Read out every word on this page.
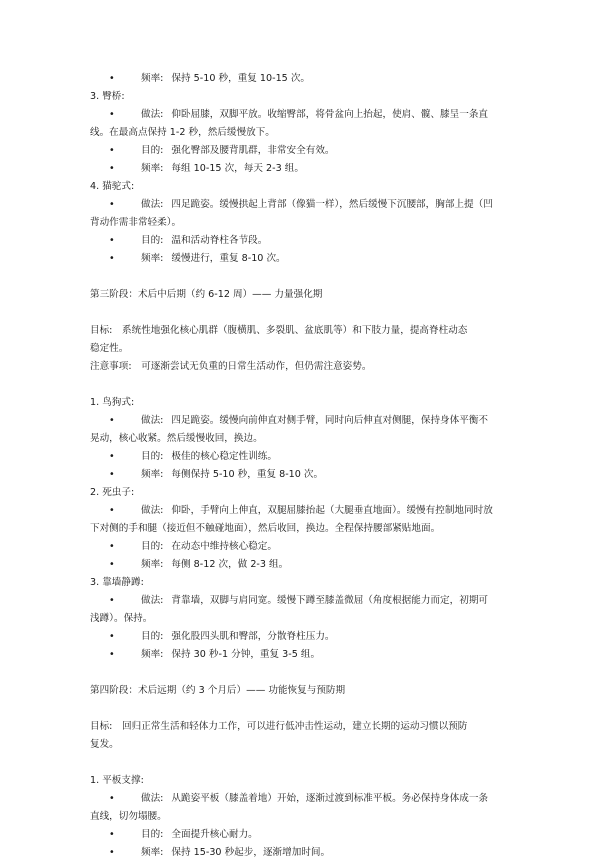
•	频率: 保持 5-10 秒，重复 10-15 次。

3. 臀桥:

•	做法: 仰卧屈膝，双脚平放。收缩臀部，将骨盆向上抬起，使肩、髋、膝呈一条直
线。在最高点保持 1-2 秒，然后缓慢放下。

•	目的: 强化臀部及腰背肌群，非常安全有效。

•	频率: 每组 10-15 次，每天 2-3 组。

4. 猫驼式:

•	做法: 四足跪姿。缓慢拱起上背部（像猫一样），然后缓慢下沉腰部，胸部上提（凹
背动作需非常轻柔）。

•	目的: 温和活动脊柱各节段。

•	频率: 缓慢进行，重复 8-10 次。

第三阶段：术后中后期（约 6-12 周）—— 力量强化期

目标:　系统性地强化核心肌群（腹横肌、多裂肌、盆底肌等）和下肢力量，提高脊柱动态
稳定性。

注意事项:　可逐渐尝试无负重的日常生活动作，但仍需注意姿势。

1. 鸟狗式:

•	做法: 四足跪姿。缓慢向前伸直对侧手臂，同时向后伸直对侧腿，保持身体平衡不
晃动，核心收紧。然后缓慢收回，换边。

•	目的: 极佳的核心稳定性训练。

•	频率: 每侧保持 5-10 秒，重复 8-10 次。

2. 死虫子:

•	做法: 仰卧，手臂向上伸直，双腿屈膝抬起（大腿垂直地面）。缓慢有控制地同时放
下对侧的手和腿（接近但不触碰地面），然后收回，换边。全程保持腰部紧贴地面。

•	目的: 在动态中维持核心稳定。

•	频率: 每侧 8-12 次，做 2-3 组。

3. 靠墙静蹲:

•	做法: 背靠墙，双脚与肩同宽。缓慢下蹲至膝盖微屈（角度根据能力而定，初期可
浅蹲）。保持。

•	目的: 强化股四头肌和臀部，分散脊柱压力。

•	频率: 保持 30 秒-1 分钟，重复 3-5 组。

第四阶段：术后远期（约 3 个月后）—— 功能恢复与预防期

目标:　回归正常生活和轻体力工作，可以进行低冲击性运动，建立长期的运动习惯以预防
复发。

1. 平板支撑:

•	做法: 从跪姿平板（膝盖着地）开始，逐渐过渡到标准平板。务必保持身体成一条
直线，切勿塌腰。

•	目的: 全面提升核心耐力。

•	频率: 保持 15-30 秒起步，逐渐增加时间。
